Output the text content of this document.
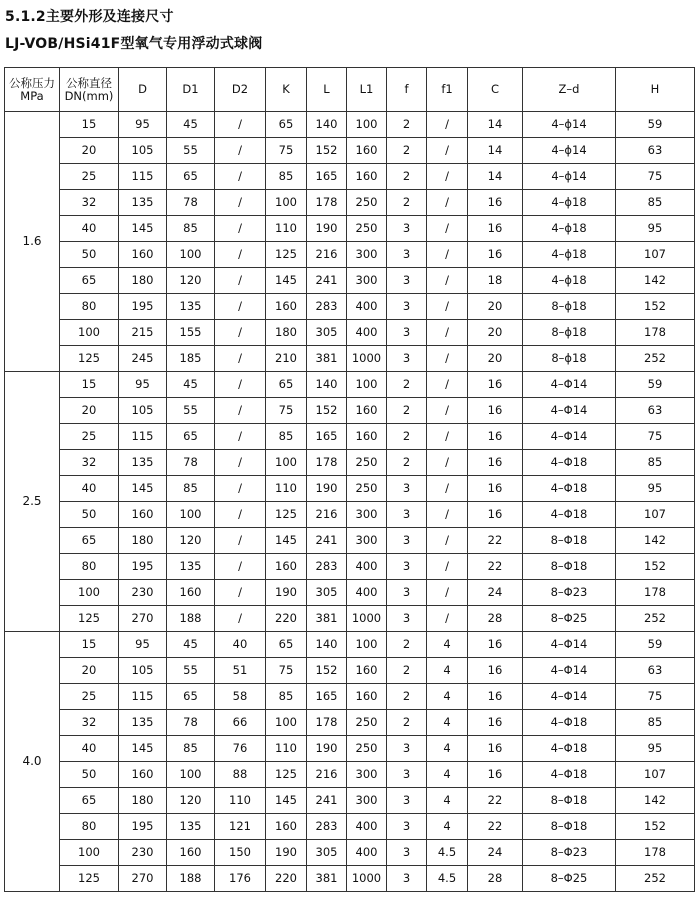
5.1.2主要外形及连接尺寸
LJ-VOB/HSi41F型氧气专用浮动式球阀
公称压力
MPa	公称直径
DN(mm)	D	D1	D2	K	L	L1	f	f1	C	Z–d	H
1.6	15	95	45	/	65	140	100	2	/	14	4–ϕ14	59
	20	105	55	/	75	152	160	2	/	14	4–ϕ14	63
	25	115	65	/	85	165	160	2	/	14	4–ϕ14	75
	32	135	78	/	100	178	250	2	/	16	4–ϕ18	85
	40	145	85	/	110	190	250	3	/	16	4–ϕ18	95
	50	160	100	/	125	216	300	3	/	16	4–ϕ18	107
	65	180	120	/	145	241	300	3	/	18	4–ϕ18	142
	80	195	135	/	160	283	400	3	/	20	8–ϕ18	152
	100	215	155	/	180	305	400	3	/	20	8–ϕ18	178
	125	245	185	/	210	381	1000	3	/	20	8–ϕ18	252
2.5	15	95	45	/	65	140	100	2	/	16	4–Φ14	59
	20	105	55	/	75	152	160	2	/	16	4–Φ14	63
	25	115	65	/	85	165	160	2	/	16	4–Φ14	75
	32	135	78	/	100	178	250	2	/	16	4–Φ18	85
	40	145	85	/	110	190	250	3	/	16	4–Φ18	95
	50	160	100	/	125	216	300	3	/	16	4–Φ18	107
	65	180	120	/	145	241	300	3	/	22	8–Φ18	142
	80	195	135	/	160	283	400	3	/	22	8–Φ18	152
	100	230	160	/	190	305	400	3	/	24	8–Φ23	178
	125	270	188	/	220	381	1000	3	/	28	8–Φ25	252
4.0	15	95	45	40	65	140	100	2	4	16	4–Φ14	59
	20	105	55	51	75	152	160	2	4	16	4–Φ14	63
	25	115	65	58	85	165	160	2	4	16	4–Φ14	75
	32	135	78	66	100	178	250	2	4	16	4–Φ18	85
	40	145	85	76	110	190	250	3	4	16	4–Φ18	95
	50	160	100	88	125	216	300	3	4	16	4–Φ18	107
	65	180	120	110	145	241	300	3	4	22	8–Φ18	142
	80	195	135	121	160	283	400	3	4	22	8–Φ18	152
	100	230	160	150	190	305	400	3	4.5	24	8–Φ23	178
	125	270	188	176	220	381	1000	3	4.5	28	8–Φ25	252
